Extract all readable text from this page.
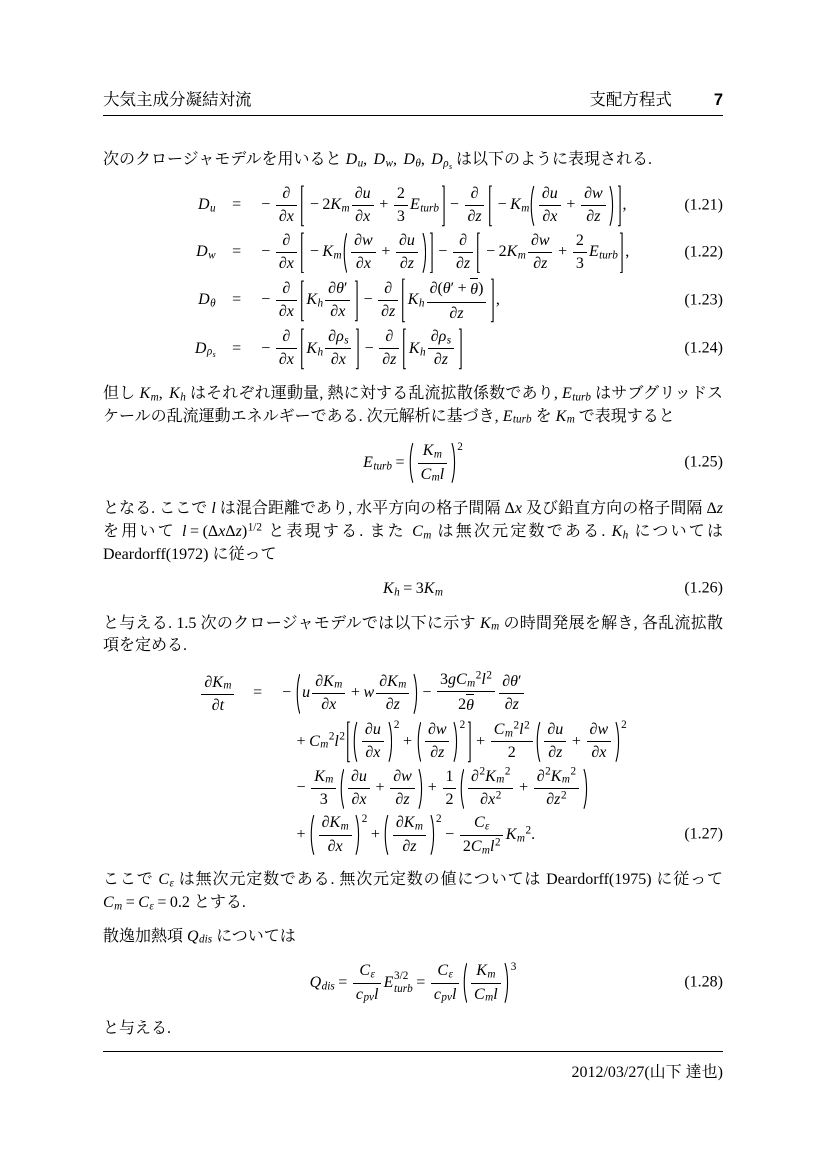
大気主成分凝結対流	支配方程式	7
次のクロージャモデルを用いると D u ,
D w ,
D θ ,
D ρ s は以下のように表現される.
D u = − $\frac{\partial}{\partial x} - 2$ K m $\frac{\partial u}{\partial x} + \frac{2}{3}$ E t u r $b - \frac{\partial}{\partial z} - K$ m $\frac{\partial u}{\partial x} + \frac{\partial w}{\partial z}$ ,
D w = − $\frac{\partial}{\partial x} - K$ m $\frac{\partial w}{\partial x} + \frac{\partial u}{\partial z} - \frac{\partial}{\partial z} - 2$ K m $\frac{\partial w}{\partial z} + \frac{2}{3}$ E t u r b ,
D θ = − $\frac{\partial}{\partial x}$ K h $\frac{\partial \theta '}{\partial x} - \frac{\partial}{\partial z}$ K h $\frac{\partial ( \theta ' + \theta )}{\partial z}$ ,
D ρ s = − $\frac{\partial}{\partial x}$ K h $\frac{\text{∂ ρ s}}{\partial x} - \frac{\partial}{\partial z}$ K h $\frac{\text{∂ ρ s}}{\partial z}$
(1.21)
(1.22)
(1.23)
(1.24)
但し K m ,
K h はそれぞれ運動量, 熱に対する乱流拡散係数であり, E t u r b はサブグリッドスケールの乱流運動エネルギーである. 次元解析に基づき, E t u r b を K m で表現すると
E t u r $b = \frac{\text{K m}}{\text{C m l}} 2$
(1.25)
となる. ここで l は混合距離であり, 水平方向の格子間隔 Δ x 及び鉛直方向の格子間隔 Δ z
を用いて l = ( Δ x Δ z ) 1 / 2 と表現する. また C m は無次元定数である. K h については Deardorff(1972) に従って
K h = 3 K m	(1.26)
と与える. 1.5 次のクロージャモデルでは以下に示す K m の時間発展を解き, 各乱流拡散項を定める.
$\frac{\text{∂ K m}}{\partial t}$ = − u $\frac{\text{∂ K m}}{\partial x} + w \frac{\text{∂ K m}}{\partial z} - 3$ g C m
2 l 2
2 θ $\frac{\partial \theta '}{\partial z}$
+ C m
2 l $2 \frac{\partial u}{\partial x} 2$
+ $\frac{\partial w}{\partial z} 2$
+ C m
2 l 2
$2 \frac{\partial u}{\partial z} + \frac{\partial w}{\partial x} 2$
− $\frac{\text{K m}}{3} \frac{\partial u}{\partial x} + \frac{\partial w}{\partial z} + \frac{1}{2}$ ∂ 2 K m
2
∂ x 2 + ∂ 2 K m
2
∂ z 2
+ $\frac{\text{∂ K m}}{\partial x} 2$
+ $\frac{\text{∂ K m}}{\partial z} 2$
− $\frac{\text{C ε}}{\text{2 C m l 2}}$ K m
2 .	(1.27)
ここで C ε は無次元定数である. 無次元定数の値については Deardorff(1975) に従って
C m = C ε = 0 . 2 とする.
散逸加熱項 Q d i s については
Q d i $s = \frac{\text{C ε}}{\text{c p v l}}$ E 3 / 2
t u r $b = \frac{\text{C ε}}{\text{c p v l}} \frac{\text{K m}}{\text{C m l}} 3$
(1.28)
と与える.
2012/03/27(山下 達也)
